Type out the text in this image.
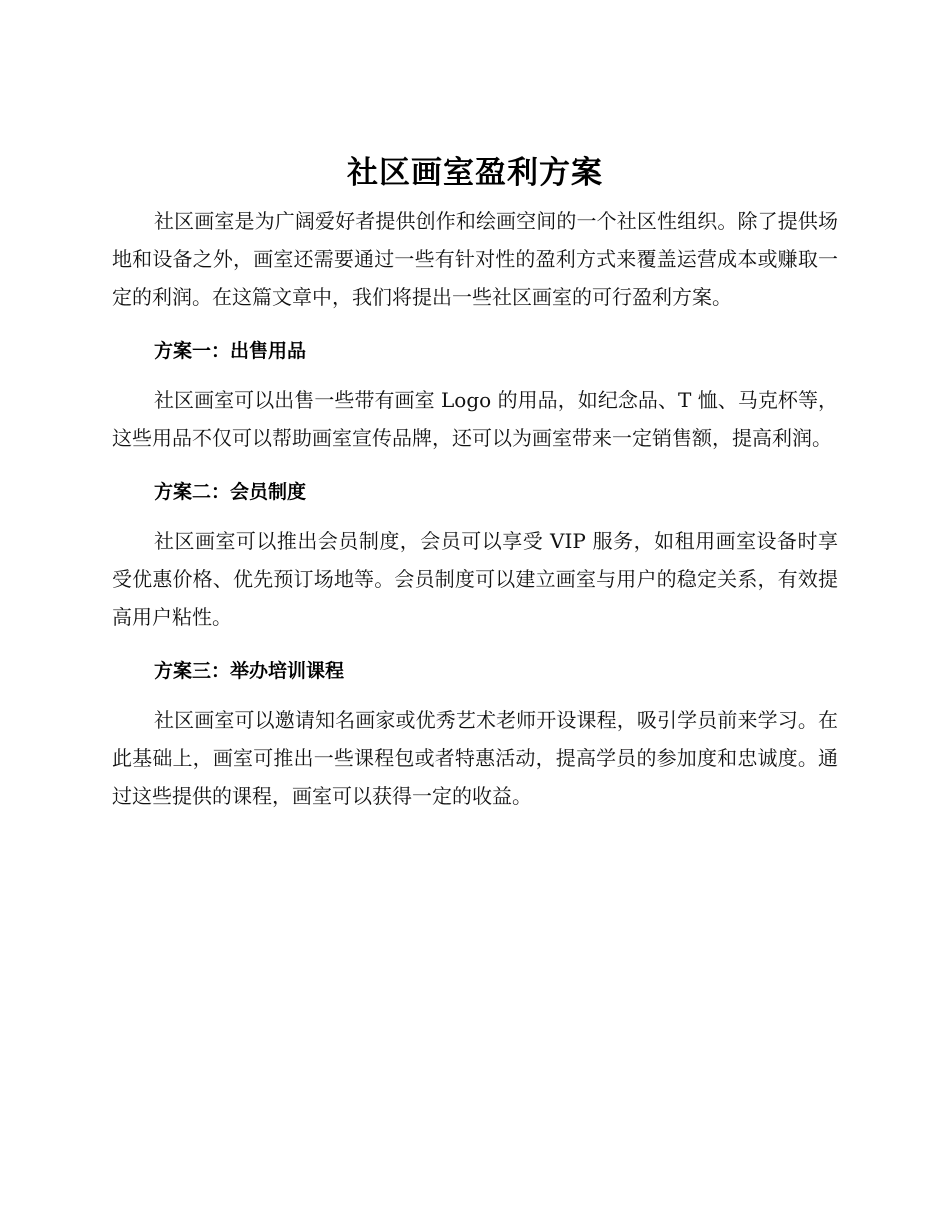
社区画室盈利方案

社区画室是为广阔爱好者提供创作和绘画空间的一个社区性组织。除了提供场地和设备之外，画室还需要通过一些有针对性的盈利方式来覆盖运营成本或赚取一定的利润。在这篇文章中，我们将提出一些社区画室的可行盈利方案。

方案一：出售用品

社区画室可以出售一些带有画室 Logo 的用品，如纪念品、T 恤、马克杯等，这些用品不仅可以帮助画室宣传品牌，还可以为画室带来一定销售额，提高利润。

方案二：会员制度

社区画室可以推出会员制度，会员可以享受 VIP 服务，如租用画室设备时享受优惠价格、优先预订场地等。会员制度可以建立画室与用户的稳定关系，有效提高用户粘性。

方案三：举办培训课程

社区画室可以邀请知名画家或优秀艺术老师开设课程，吸引学员前来学习。在此基础上，画室可推出一些课程包或者特惠活动，提高学员的参加度和忠诚度。通过这些提供的课程，画室可以获得一定的收益。
